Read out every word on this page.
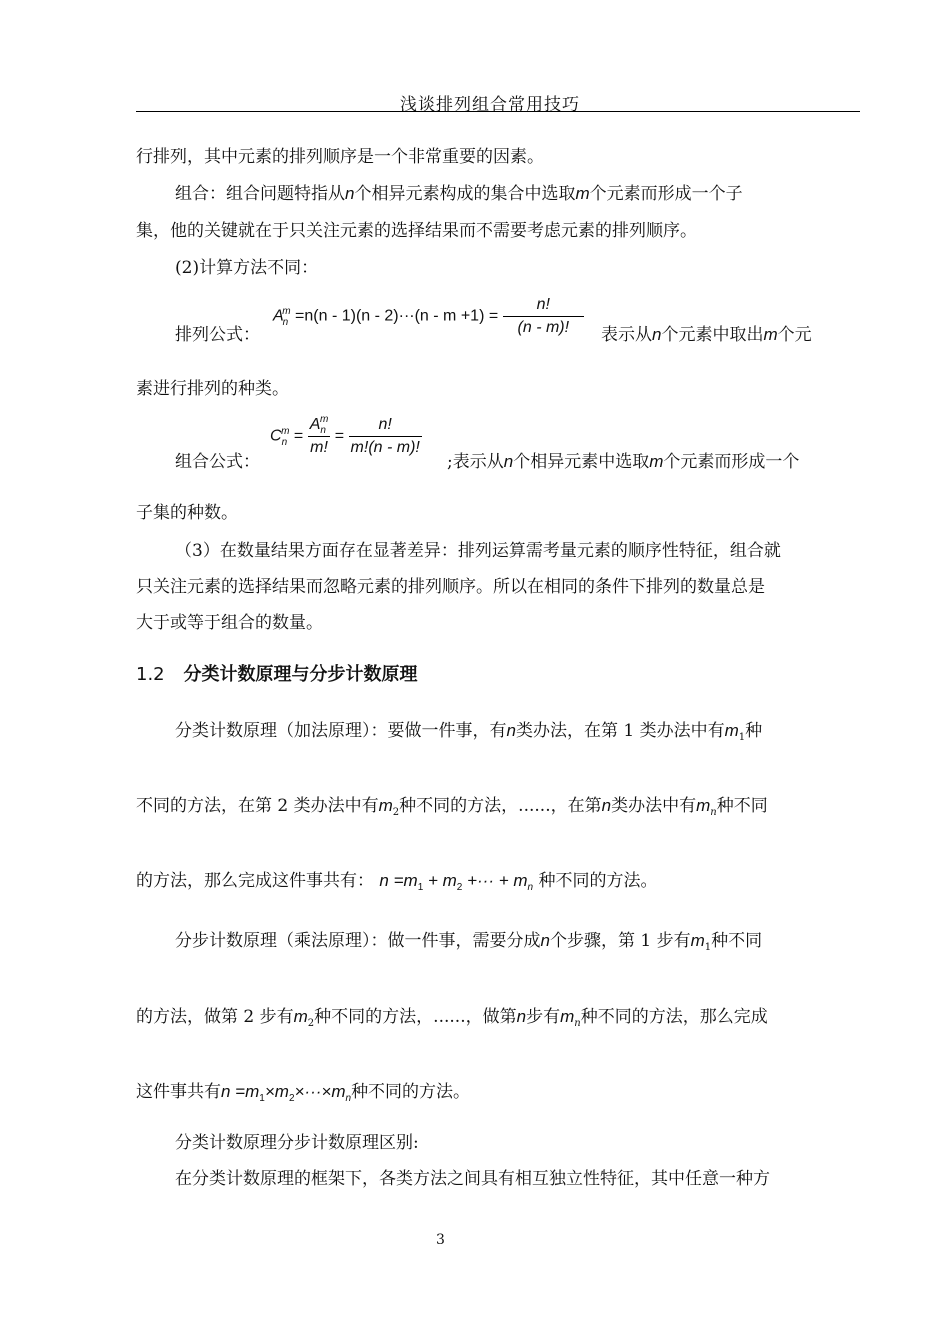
浅谈排列组合常用技巧
行排列，其中元素的排列顺序是一个非常重要的因素。
组合：组合问题特指从n个相异元素构成的集合中选取m个元素而形成一个子
集，他的关键就在于只关注元素的选择结果而不需要考虑元素的排列顺序。
(2)计算方法不同：
$A_n^m =n(n - 1)(n - 2)\cdot\cdot\cdot(n - m +1) = \frac{n!}{(n - m)!}$
排列公式：	表示从n个元素中取出m个元
素进行排列的种类。
$C_n^m = \frac{A_n^m}{m!} = \frac{n!}{m!(n - m)!}$
组合公式：	;表示从n个相异元素中选取m个元素而形成一个
子集的种数。
（3）在数量结果方面存在显著差异：排列运算需考量元素的顺序性特征，组合就
只关注元素的选择结果而忽略元素的排列顺序。所以在相同的条件下排列的数量总是
大于或等于组合的数量。
1.2 分类计数原理与分步计数原理
分类计数原理（加法原理）：要做一件事，有n类办法，在第 1 类办法中有$m_1$种
不同的方法，在第 2 类办法中有$m_2$种不同的方法，......，在第n类办法中有$m_n$种不同
的方法，那么完成这件事共有： $n =m_1 + m_2$ +··· + $m_n$ 种不同的方法。
分步计数原理（乘法原理）：做一件事，需要分成n个步骤，第 1 步有$m_1$种不同
的方法，做第 2 步有$m_2$种不同的方法，......，做第n步有$m_n$种不同的方法，那么完成
这件事共有$n =m_1\times m_2\times\cdot\cdot\cdot\times m_n$种不同的方法。
分类计数原理分步计数原理区别:
在分类计数原理的框架下，各类方法之间具有相互独立性特征，其中任意一种方
3
